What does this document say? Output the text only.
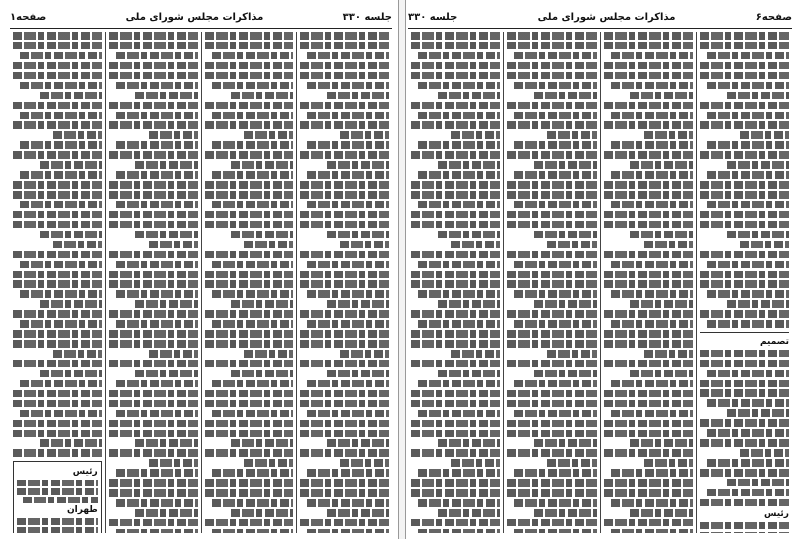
جلسه ۳۳۰
مذاکرات مجلس شورای ملی
صفحه۱
رئیس
طهران
صفحه۶
مذاکرات مجلس شورای ملی
جلسه ۳۳۰
تصمیم
رئیس
